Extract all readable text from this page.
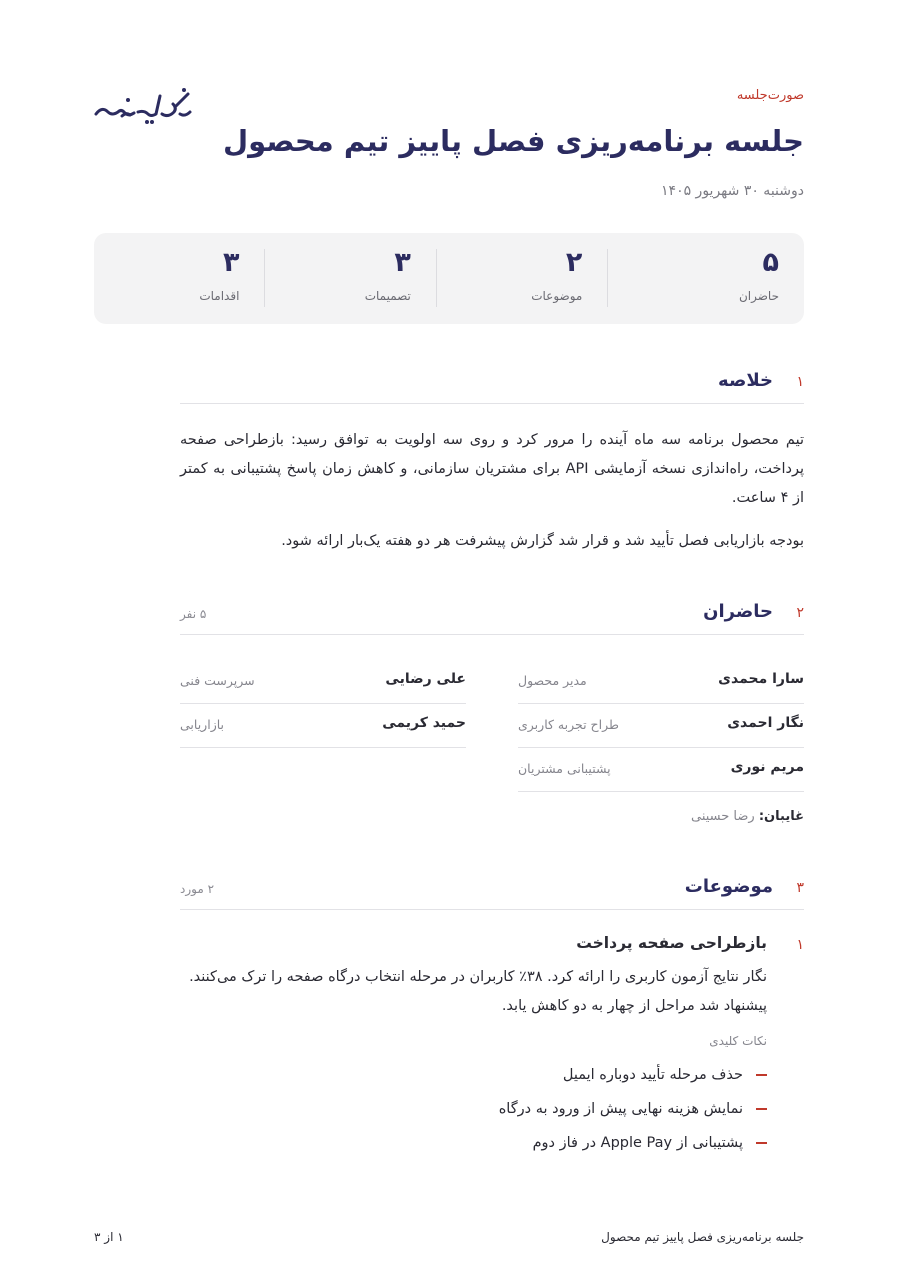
صورت‌جلسه
جلسه برنامه‌ریزی فصل پاییز تیم محصول
دوشنبه ۳۰ شهریور ۱۴۰۵
۵
حاضران
۲
موضوعات
۳
تصمیمات
۳
اقدامات
۱
خلاصه

تیم محصول برنامه سه ماه آینده را مرور کرد و روی سه اولویت به توافق رسید: بازطراحی صفحه پرداخت، راه‌اندازی نسخه آزمایشی API برای مشتریان سازمانی، و کاهش زمان پاسخ پشتیبانی به کمتر از ۴ ساعت.

بودجه بازاریابی فصل تأیید شد و قرار شد گزارش پیشرفت هر دو هفته یک‌بار ارائه شود.

۲
حاضران
۵ نفر
سارا محمدی
مدیر محصول
نگار احمدی
طراح تجربه کاربری
مریم نوری
پشتیبانی مشتریان
علی رضایی
سرپرست فنی
حمید کریمی
بازاریابی
غایبان: رضا حسینی
۳
موضوعات
۲ مورد
۱
بازطراحی صفحه پرداخت
نگار نتایج آزمون کاربری را ارائه کرد. ۳۸٪ کاربران در مرحله انتخاب درگاه صفحه را ترک می‌کنند.
پیشنهاد شد مراحل از چهار به دو کاهش یابد.
نکات کلیدی
حذف مرحله تأیید دوباره ایمیل
نمایش هزینه نهایی پیش از ورود به درگاه
پشتیبانی از Apple Pay در فاز دوم
جلسه برنامه‌ریزی فصل پاییز تیم محصول
۱ از ۳
